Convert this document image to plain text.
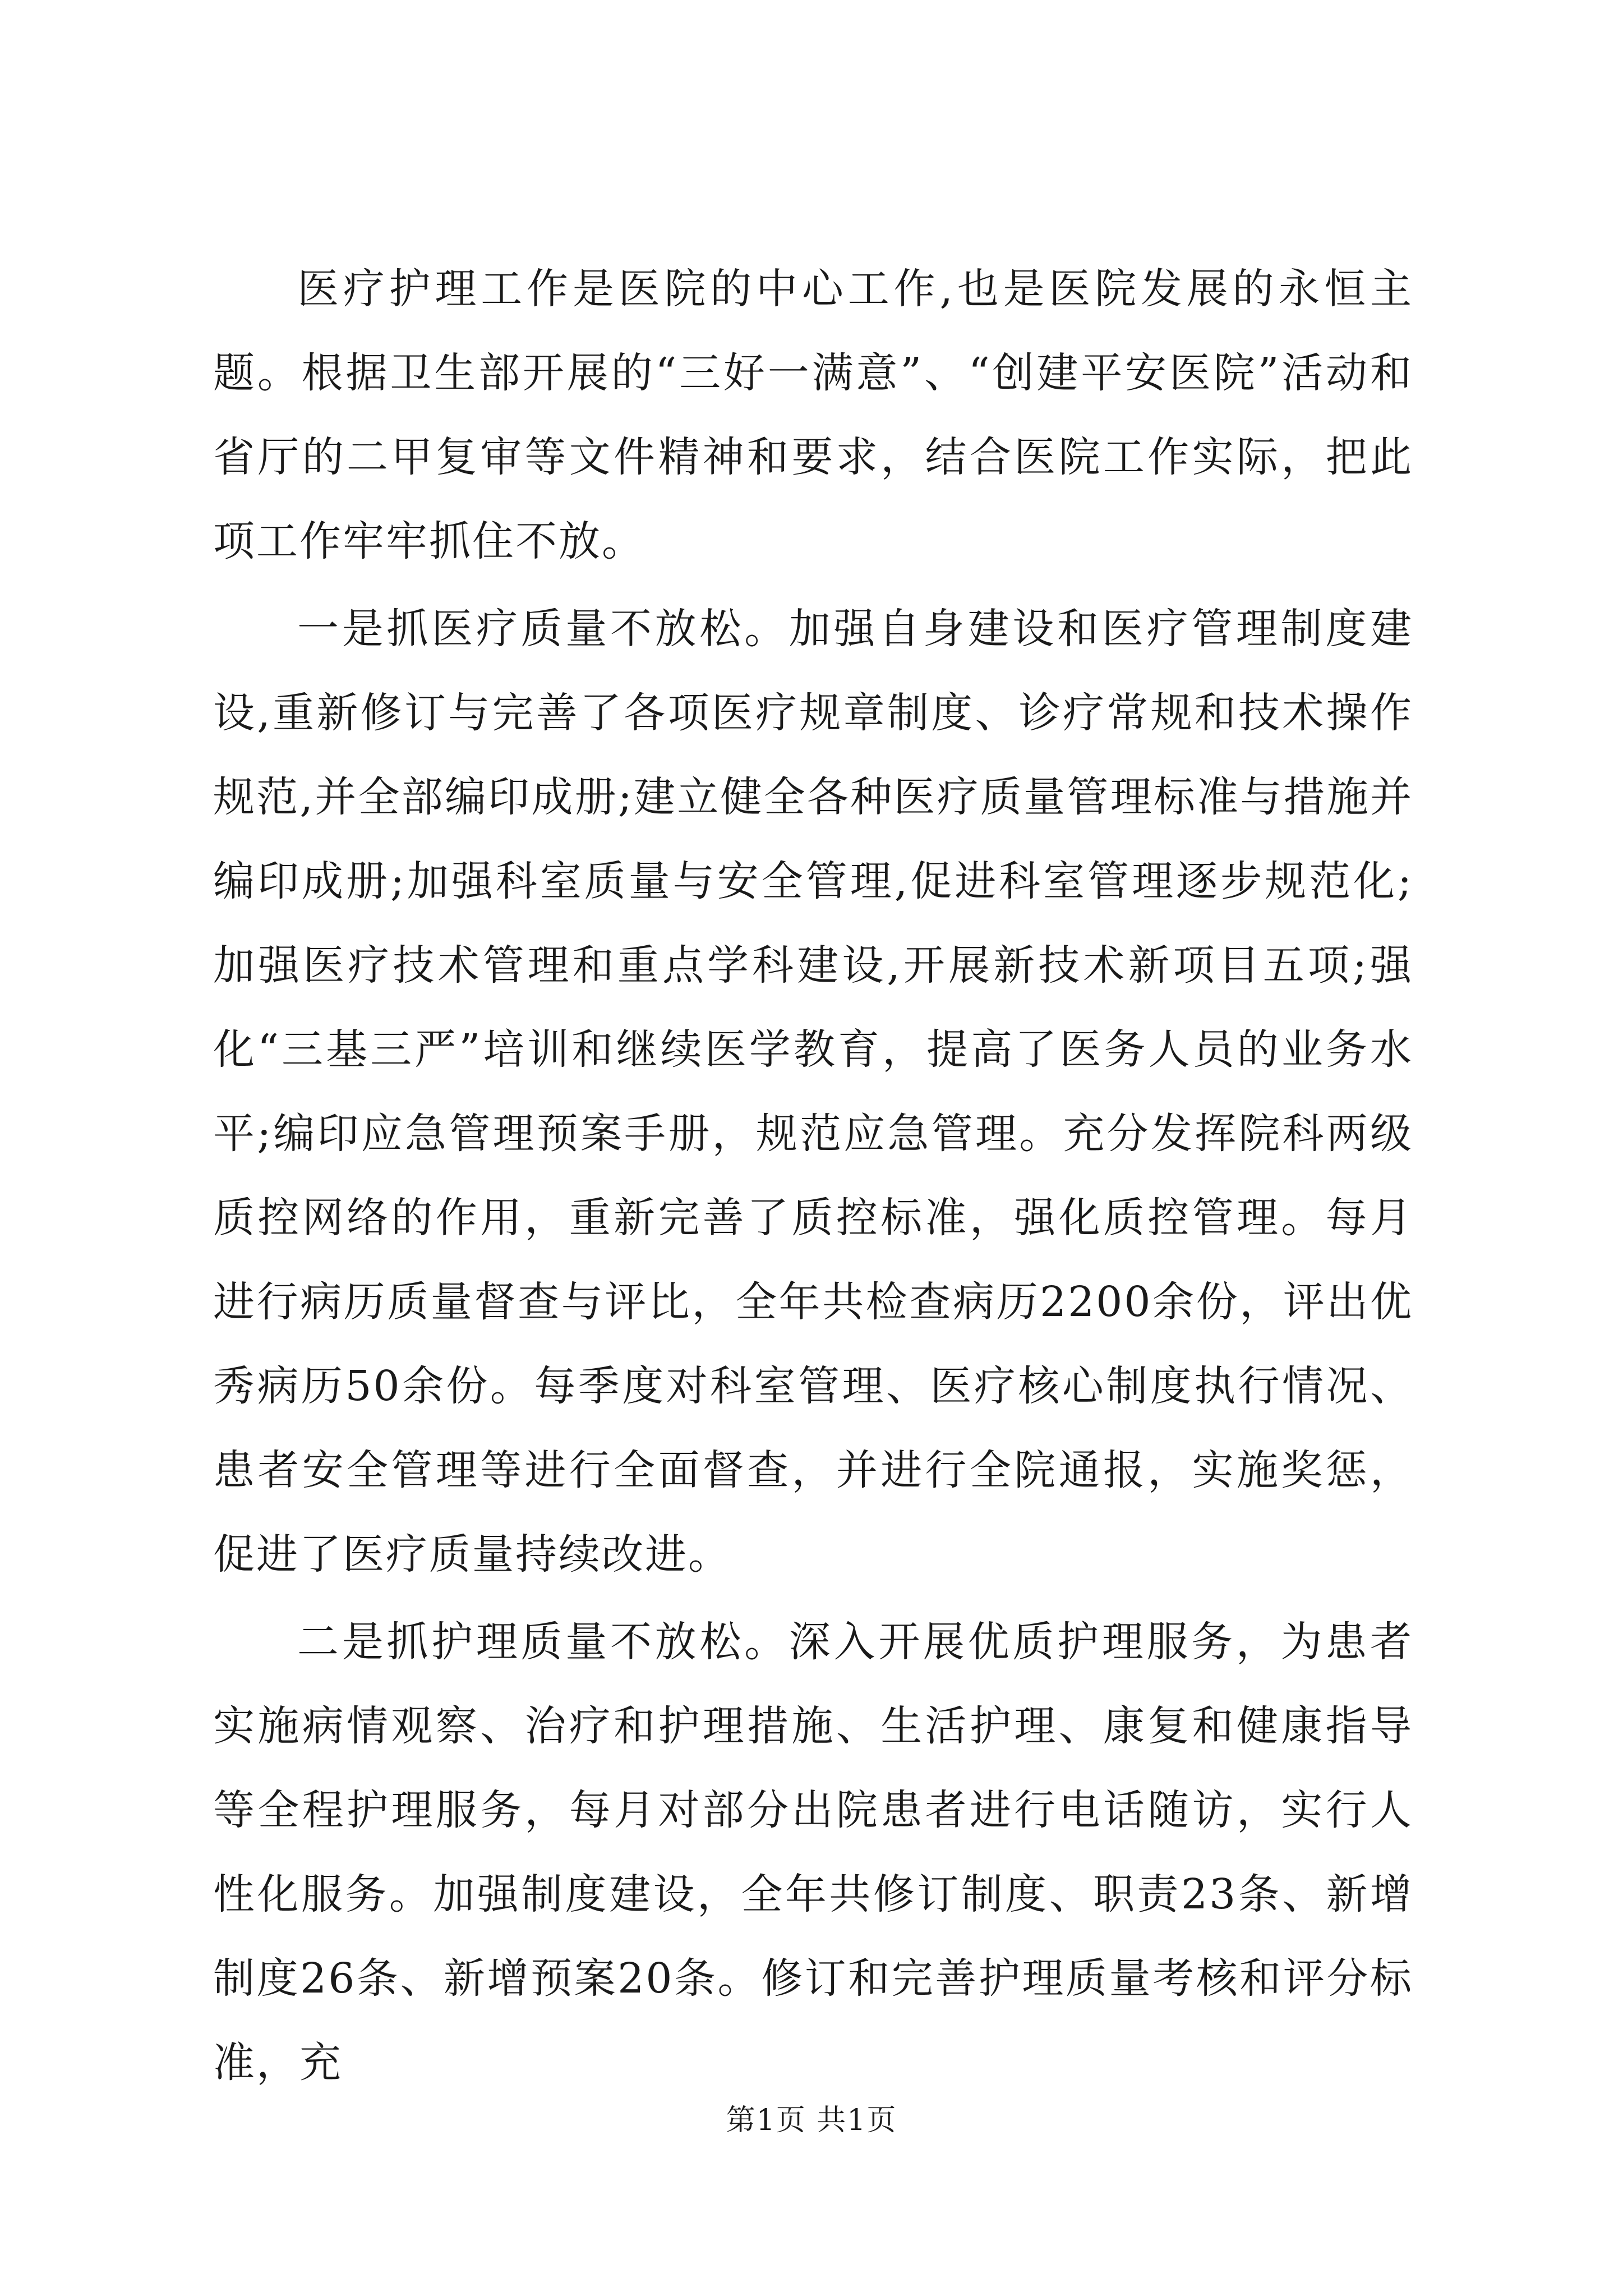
医疗护理工作是医院的中心工作,也是医院发展的永恒主题。根据卫生部开展的“三好一满意”、“创建平安医院”活动和省厅的二甲复审等文件精神和要求，结合医院工作实际，把此项工作牢牢抓住不放。

一是抓医疗质量不放松。加强自身建设和医疗管理制度建设,重新修订与完善了各项医疗规章制度、诊疗常规和技术操作规范,并全部编印成册;建立健全各种医疗质量管理标准与措施并编印成册;加强科室质量与安全管理,促进科室管理逐步规范化;加强医疗技术管理和重点学科建设,开展新技术新项目五项;强化“三基三严”培训和继续医学教育，提高了医务人员的业务水平;编印应急管理预案手册，规范应急管理。充分发挥院科两级质控网络的作用，重新完善了质控标准，强化质控管理。每月进行病历质量督查与评比，全年共检查病历2200余份，评出优秀病历50余份。每季度对科室管理、医疗核心制度执行情况、患者安全管理等进行全面督查，并进行全院通报，实施奖惩，促进了医疗质量持续改进。

二是抓护理质量不放松。深入开展优质护理服务，为患者实施病情观察、治疗和护理措施、生活护理、康复和健康指导等全程护理服务，每月对部分出院患者进行电话随访，实行人性化服务。加强制度建设，全年共修订制度、职责23条、新增制度26条、新增预案20条。修订和完善护理质量考核和评分标准，充

第1页 共1页
